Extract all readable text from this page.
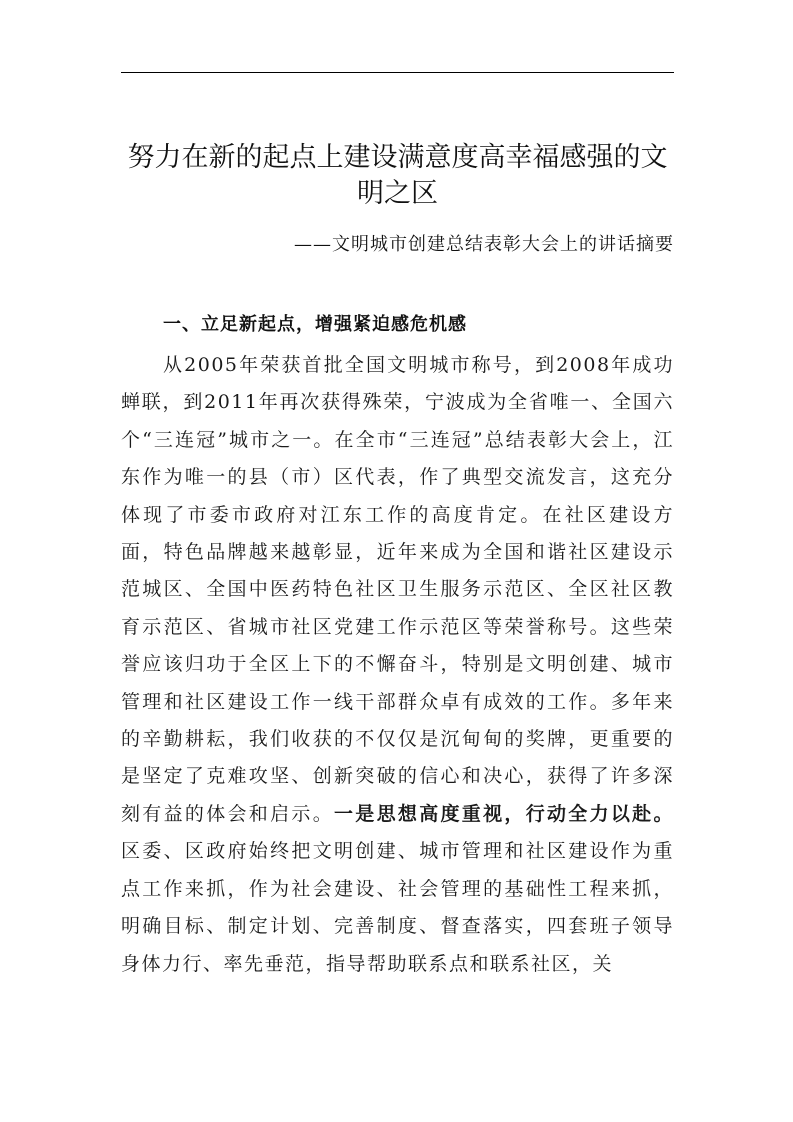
努力在新的起点上建设满意度高幸福感强的文明之区
——文明城市创建总结表彰大会上的讲话摘要
一、立足新起点，增强紧迫感危机感

从2005年荣获首批全国文明城市称号，到2008年成功蝉联，到2011年再次获得殊荣，宁波成为全省唯一、全国六个“三连冠”城市之一。在全市“三连冠”总结表彰大会上，江东作为唯一的县（市）区代表，作了典型交流发言，这充分体现了市委市政府对江东工作的高度肯定。在社区建设方面，特色品牌越来越彰显，近年来成为全国和谐社区建设示范城区、全国中医药特色社区卫生服务示范区、全区社区教育示范区、省城市社区党建工作示范区等荣誉称号。这些荣誉应该归功于全区上下的不懈奋斗，特别是文明创建、城市管理和社区建设工作一线干部群众卓有成效的工作。多年来的辛勤耕耘，我们收获的不仅仅是沉甸甸的奖牌，更重要的是坚定了克难攻坚、创新突破的信心和决心，获得了许多深刻有益的体会和启示。一是思想高度重视，行动全力以赴。区委、区政府始终把文明创建、城市管理和社区建设作为重点工作来抓，作为社会建设、社会管理的基础性工程来抓，明确目标、制定计划、完善制度、督查落实，四套班子领导身体力行、率先垂范，指导帮助联系点和联系社区，关
